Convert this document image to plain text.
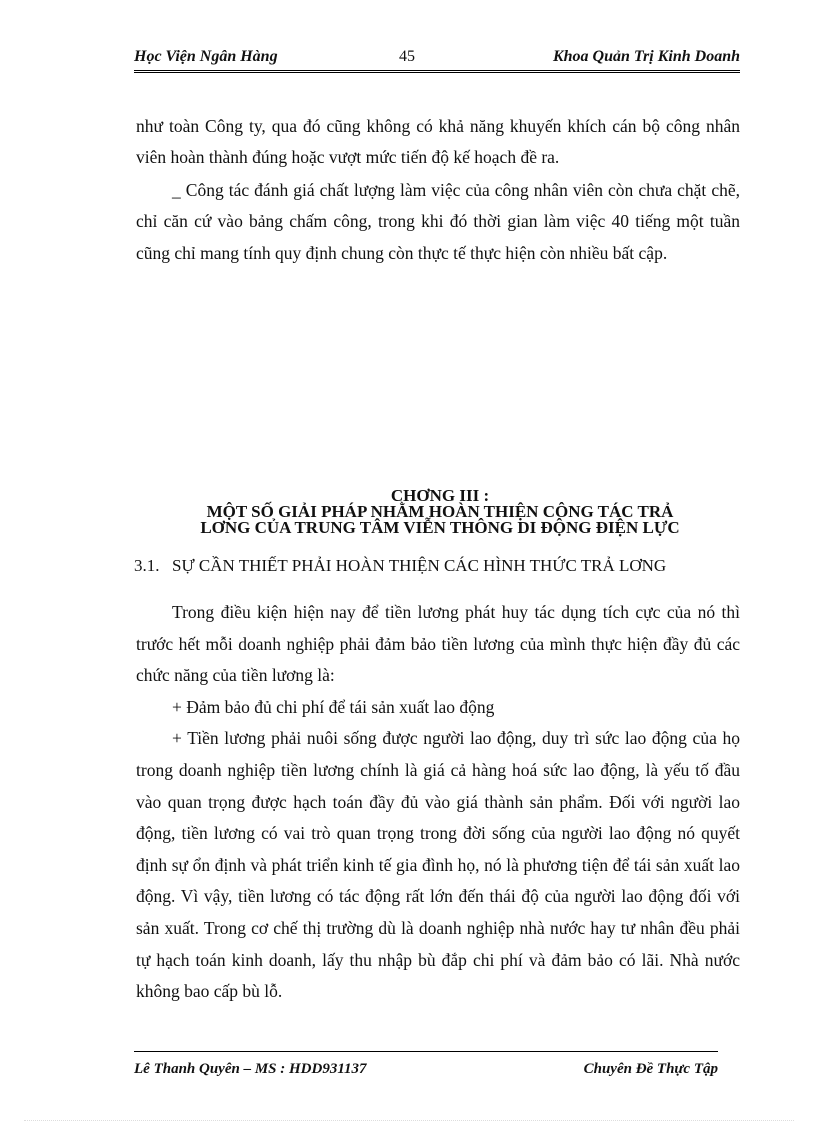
Học Viện Ngân Hàng	45	Khoa Quản Trị Kinh Doanh
như toàn Công ty, qua đó cũng không có khả năng khuyến khích cán bộ công nhân viên hoàn thành đúng hoặc vượt mức tiến độ kế hoạch đề ra.
_ Công tác đánh giá chất lượng làm việc của công nhân viên còn chưa chặt chẽ, chỉ căn cứ vào bảng chấm công, trong khi đó thời gian làm việc 40 tiếng một tuần cũng chỉ mang tính quy định chung còn thực tế thực hiện còn nhiều bất cập.
CHƠNG III :
MỘT SỐ GIẢI PHÁP NHẰM HOÀN THIỆN CÔNG TÁC TRẢ
LƠNG CỦA TRUNG TÂM VIỄN THÔNG DI ĐỘNG ĐIỆN LỰC
3.1. SỰ CẦN THIẾT PHẢI HOÀN THIỆN CÁC HÌNH THỨC TRẢ LƠNG
Trong điều kiện hiện nay để tiền lương phát huy tác dụng tích cực của nó thì trước hết mỗi doanh nghiệp phải đảm bảo tiền lương của mình thực hiện đầy đủ các chức năng của tiền lương là:
+ Đảm bảo đủ chi phí để tái sản xuất lao động
+ Tiền lương phải nuôi sống được người lao động, duy trì sức lao động của họ trong doanh nghiệp tiền lương chính là giá cả hàng hoá sức lao động, là yếu tố đầu vào quan trọng được hạch toán đầy đủ vào giá thành sản phẩm. Đối với người lao động, tiền lương có vai trò quan trọng trong đời sống của người lao động nó quyết định sự ổn định và phát triển kinh tế gia đình họ, nó là phương tiện để tái sản xuất lao động. Vì vậy, tiền lương có tác động rất lớn đến thái độ của người lao động đối với sản xuất. Trong cơ chế thị trường dù là doanh nghiệp nhà nước hay tư nhân đều phải tự hạch toán kinh doanh, lấy thu nhập bù đắp chi phí và đảm bảo có lãi. Nhà nước không bao cấp bù lỗ.
Lê Thanh Quyên – MS : HDD931137	Chuyên Đề Thực Tập
